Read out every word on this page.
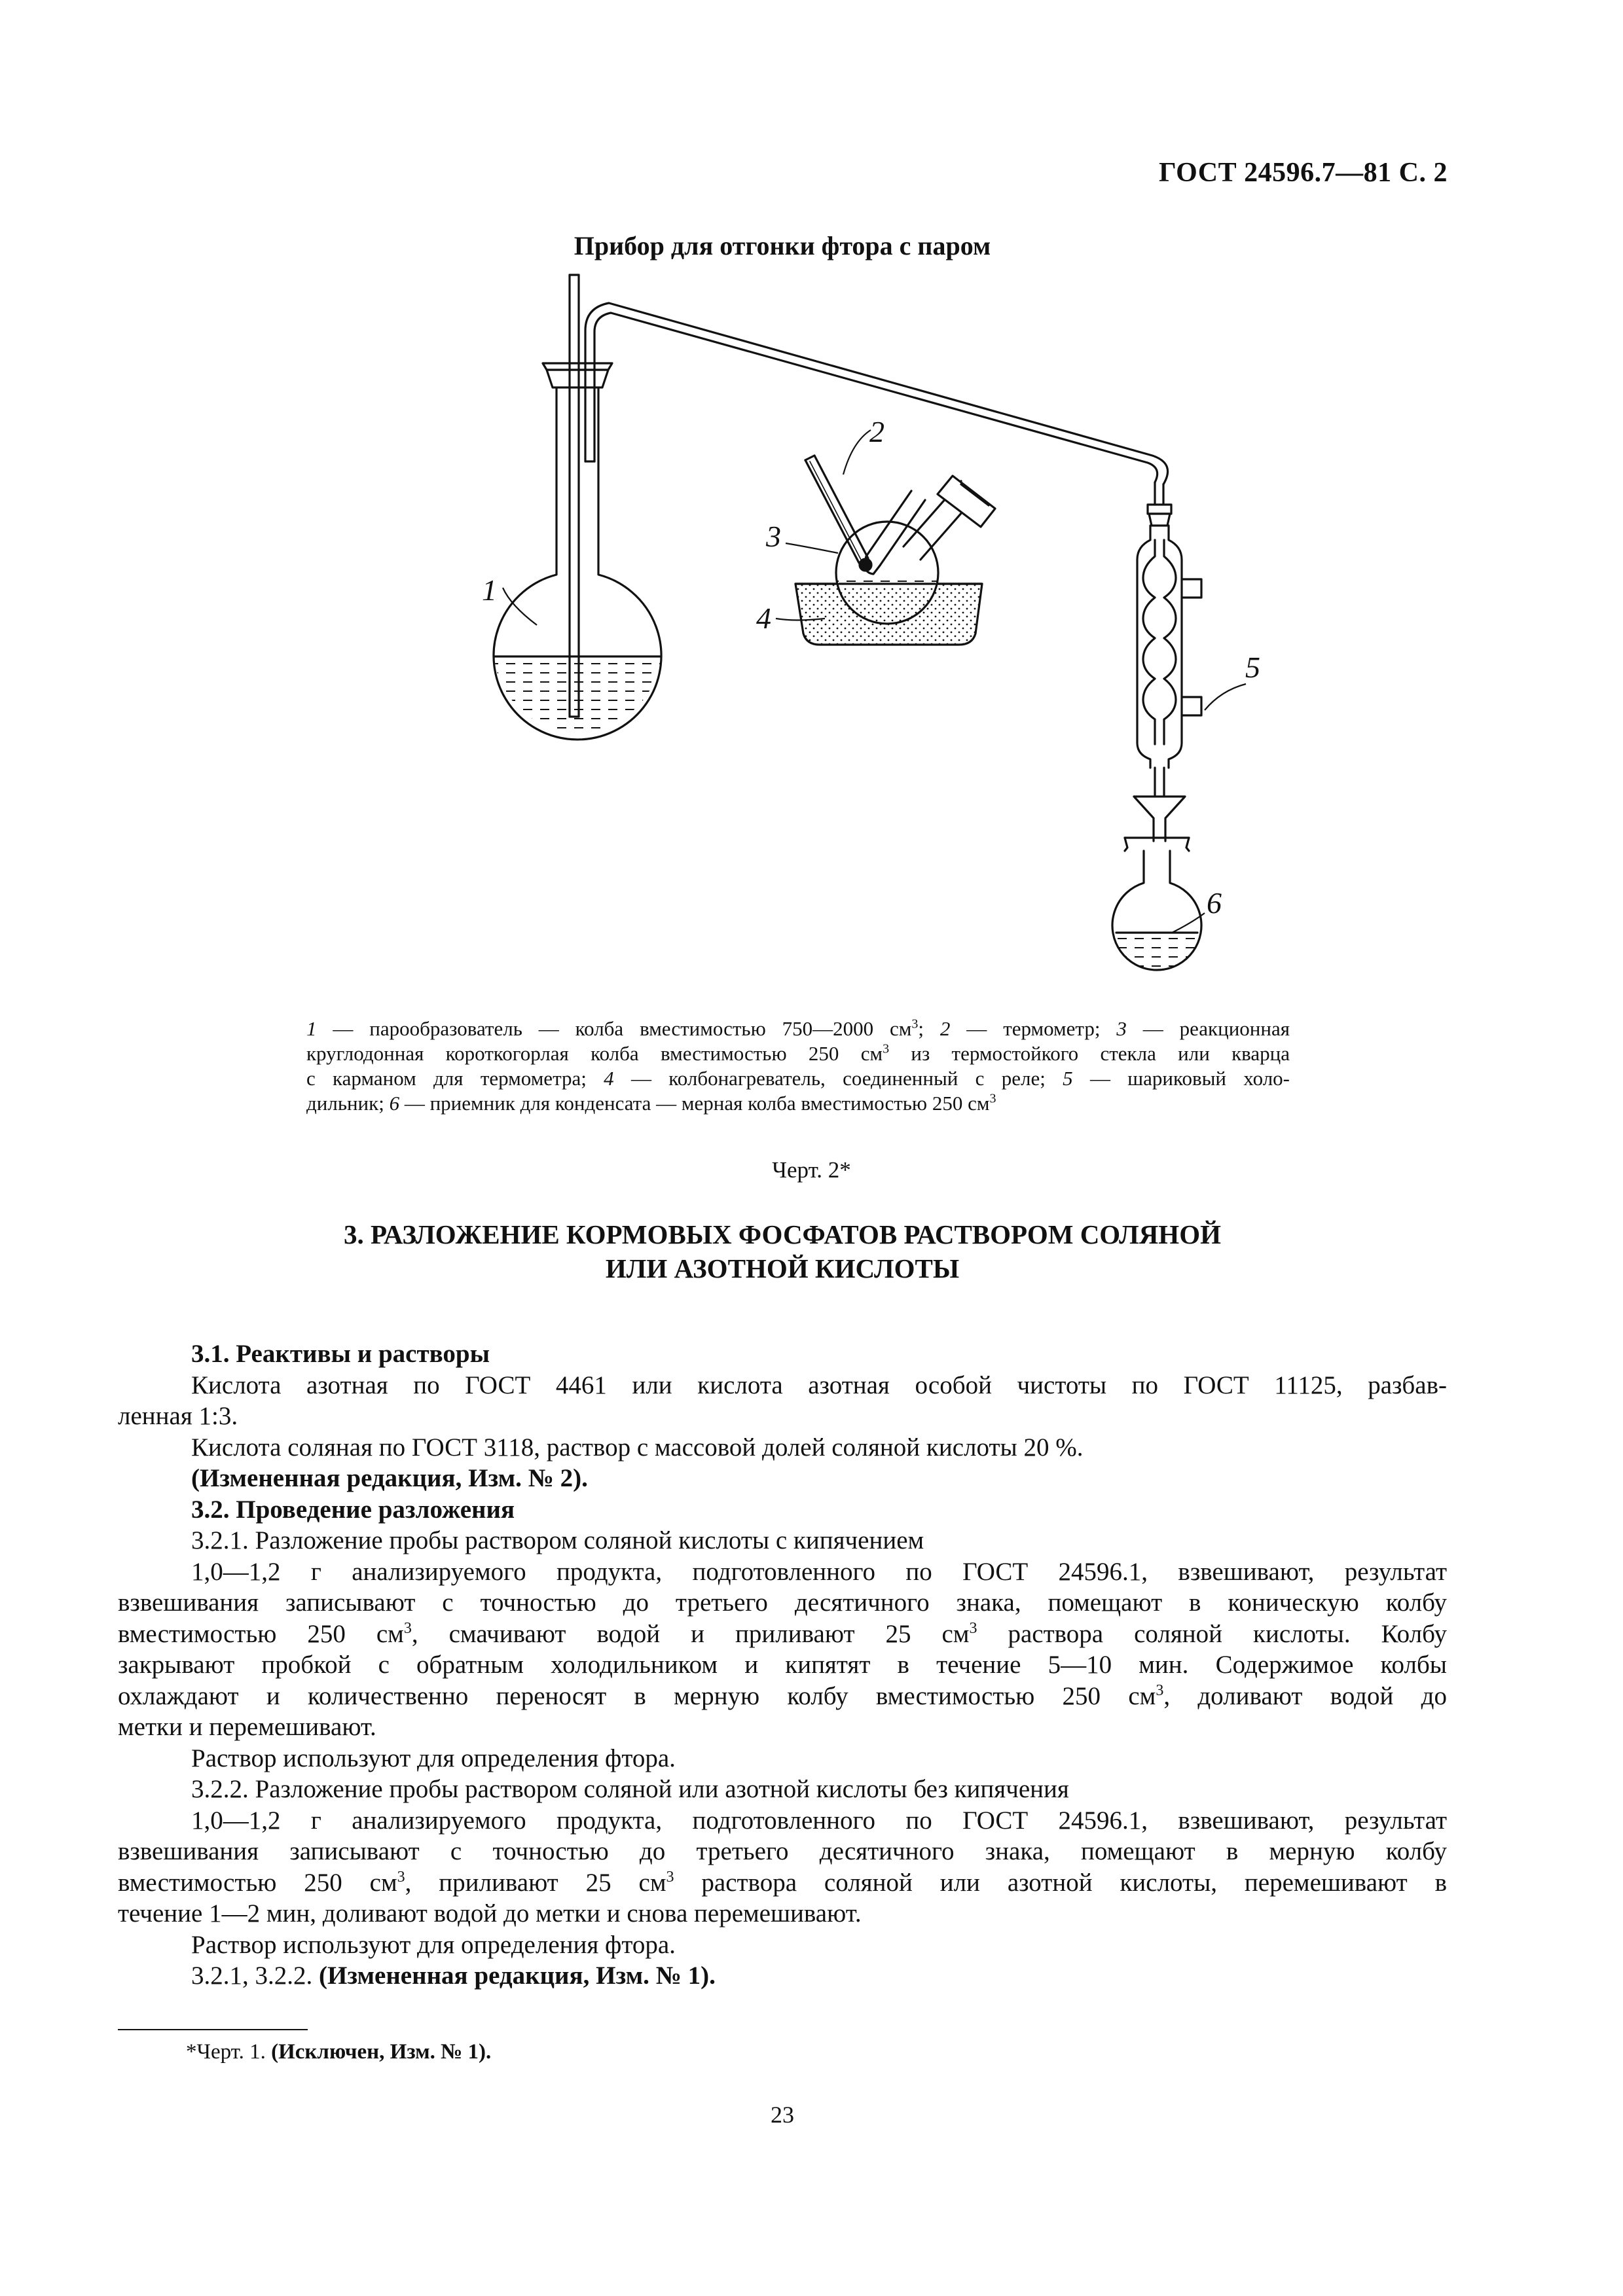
ГОСТ 24596.7—81 С. 2
Прибор для отгонки фтора с паром
1
2
3
4
5
6
1 — парообразователь — колба вместимостью 750—2000 $см^3$; 2 — термометр; 3 — реакционная
круглодонная короткогорлая колба вместимостью 250 $см^3$ из термостойкого стекла или кварца
с карманом для термометра; 4 — колбонагреватель, соединенный с реле; 5 — шариковый холо-
дильник; 6 — приемник для конденсата — мерная колба вместимостью 250 $см^3$
Черт. 2*
3. РАЗЛОЖЕНИЕ КОРМОВЫХ ФОСФАТОВ РАСТВОРОМ СОЛЯНОЙ
ИЛИ АЗОТНОЙ КИСЛОТЫ

3.1. Реактивы и растворы

Кислота азотная по ГОСТ 4461 или кислота азотная особой чистоты по ГОСТ 11125, разбав-
ленная 1:3.

Кислота соляная по ГОСТ 3118, раствор с массовой долей соляной кислоты 20 %.

(Измененная редакция, Изм. № 2).

3.2. Проведение разложения

3.2.1. Разложение пробы раствором соляной кислоты с кипячением

1,0—1,2 г анализируемого продукта, подготовленного по ГОСТ 24596.1, взвешивают, результат
взвешивания записывают с точностью до третьего десятичного знака, помещают в коническую колбу
вместимостью 250 $см^3$, смачивают водой и приливают 25 $см^3$ раствора соляной кислоты. Колбу
закрывают пробкой с обратным холодильником и кипятят в течение 5—10 мин. Содержимое колбы
охлаждают и количественно переносят в мерную колбу вместимостью 250 $см^3$, доливают водой до
метки и перемешивают.

Раствор используют для определения фтора.

3.2.2. Разложение пробы раствором соляной или азотной кислоты без кипячения

1,0—1,2 г анализируемого продукта, подготовленного по ГОСТ 24596.1, взвешивают, результат
взвешивания записывают с точностью до третьего десятичного знака, помещают в мерную колбу
вместимостью 250 $см^3$, приливают 25 $см^3$ раствора соляной или азотной кислоты, перемешивают в
течение 1—2 мин, доливают водой до метки и снова перемешивают.

Раствор используют для определения фтора.

3.2.1, 3.2.2. (Измененная редакция, Изм. № 1).

*Черт. 1. (Исключен, Изм. № 1).
23
